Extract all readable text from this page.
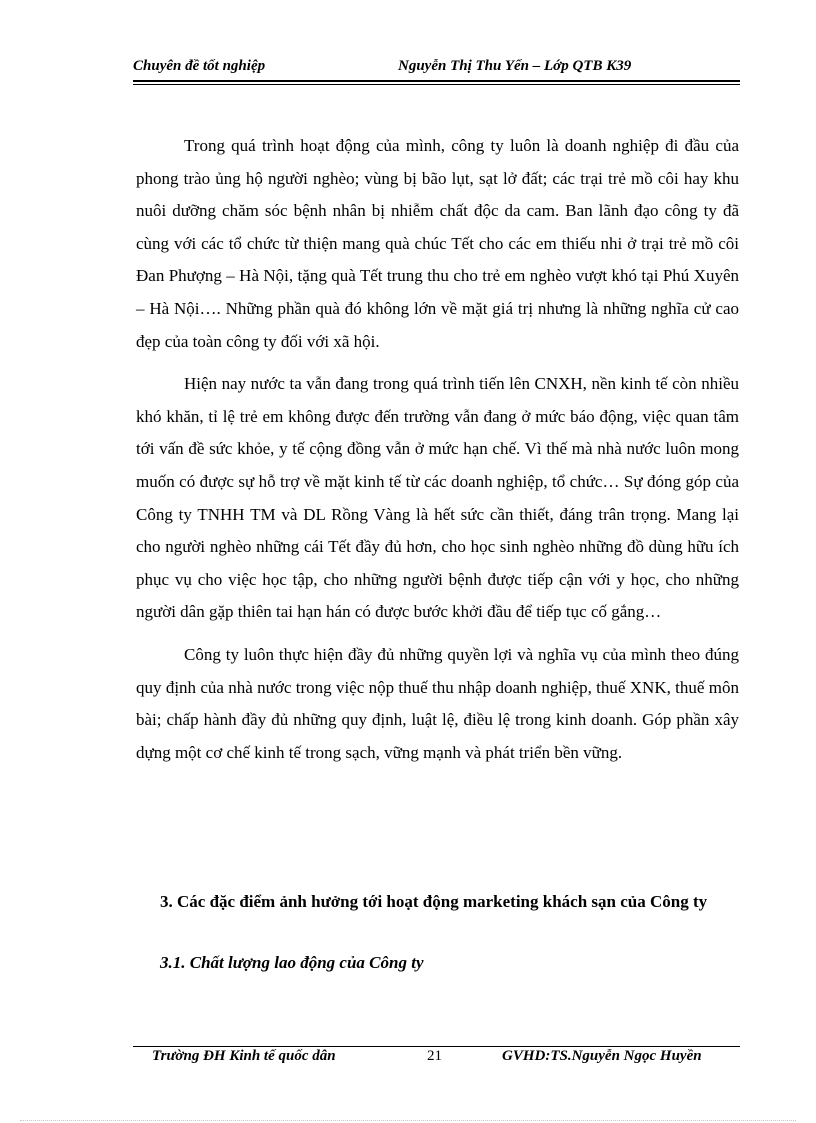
Chuyên đề tốt nghiệp	Nguyễn Thị Thu Yến – Lớp QTB K39

Trong quá trình hoạt động của mình, công ty luôn là doanh nghiệp đi đầu của phong trào ủng hộ người nghèo; vùng bị bão lụt, sạt lở đất; các trại trẻ mồ côi hay khu nuôi dưỡng chăm sóc bệnh nhân bị nhiễm chất độc da cam. Ban lãnh đạo công ty đã cùng với các tổ chức từ thiện mang quà chúc Tết cho các em thiếu nhi ở trại trẻ mồ côi Đan Phượng – Hà Nội, tặng quà Tết trung thu cho trẻ em nghèo vượt khó tại Phú Xuyên – Hà Nội…. Những phần quà đó không lớn về mặt giá trị nhưng là những nghĩa cử cao đẹp của toàn công ty đối với xã hội.

Hiện nay nước ta vẫn đang trong quá trình tiến lên CNXH, nền kinh tế còn nhiều khó khăn, tỉ lệ trẻ em không được đến trường vẫn đang ở mức báo động, việc quan tâm tới vấn đề sức khỏe, y tế cộng đồng vẫn ở mức hạn chế. Vì thế mà nhà nước luôn mong muốn có được sự hỗ trợ về mặt kinh tế từ các doanh nghiệp, tổ chức… Sự đóng góp của Công ty TNHH TM và DL Rồng Vàng là hết sức cần thiết, đáng trân trọng. Mang lại cho người nghèo những cái Tết đầy đủ hơn, cho học sinh nghèo những đồ dùng hữu ích phục vụ cho việc học tập, cho những người bệnh được tiếp cận với y học, cho những người dân gặp thiên tai hạn hán có được bước khởi đầu để tiếp tục cố gắng…

Công ty luôn thực hiện đầy đủ những quyền lợi và nghĩa vụ của mình theo đúng quy định của nhà nước trong việc nộp thuế thu nhập doanh nghiệp, thuế XNK, thuế môn bài; chấp hành đầy đủ những quy định, luật lệ, điều lệ trong kinh doanh. Góp phần xây dựng một cơ chế kinh tế trong sạch, vững mạnh và phát triển bền vững.

3. Các đặc điểm ảnh hưởng tới hoạt động marketing khách sạn của Công ty
3.1. Chất lượng lao động của Công ty
Trường ĐH Kinh tế quốc dân	21	GVHD:TS.Nguyễn Ngọc Huyền
